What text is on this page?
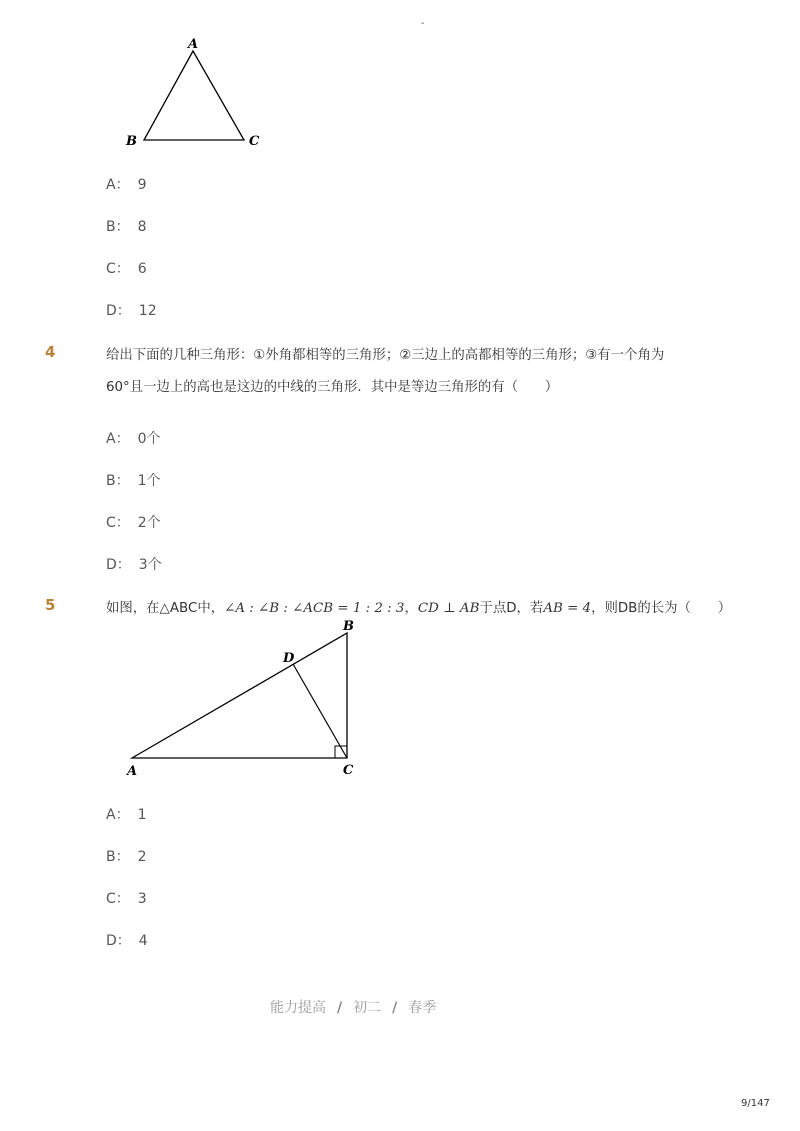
-
A
B	C
A： 9
B： 8
C： 6
D： 12
4	给出下面的几种三角形：①外角都相等的三角形；②三边上的高都相等的三角形；③有一个角为
60°且一边上的高也是这边的中线的三角形．其中是等边三角形的有（　　）
A： 0个
B： 1个
C： 2个
D： 3个
5	如图，在△ABC中，∠A : ∠B : ∠ACB = 1 : 2 : 3，CD ⊥ AB于点D，若AB = 4，则DB的长为（　　）
A
B
C
D
A： 1
B： 2
C： 3
D： 4
能力提高 / 初二 / 春季
9/147
